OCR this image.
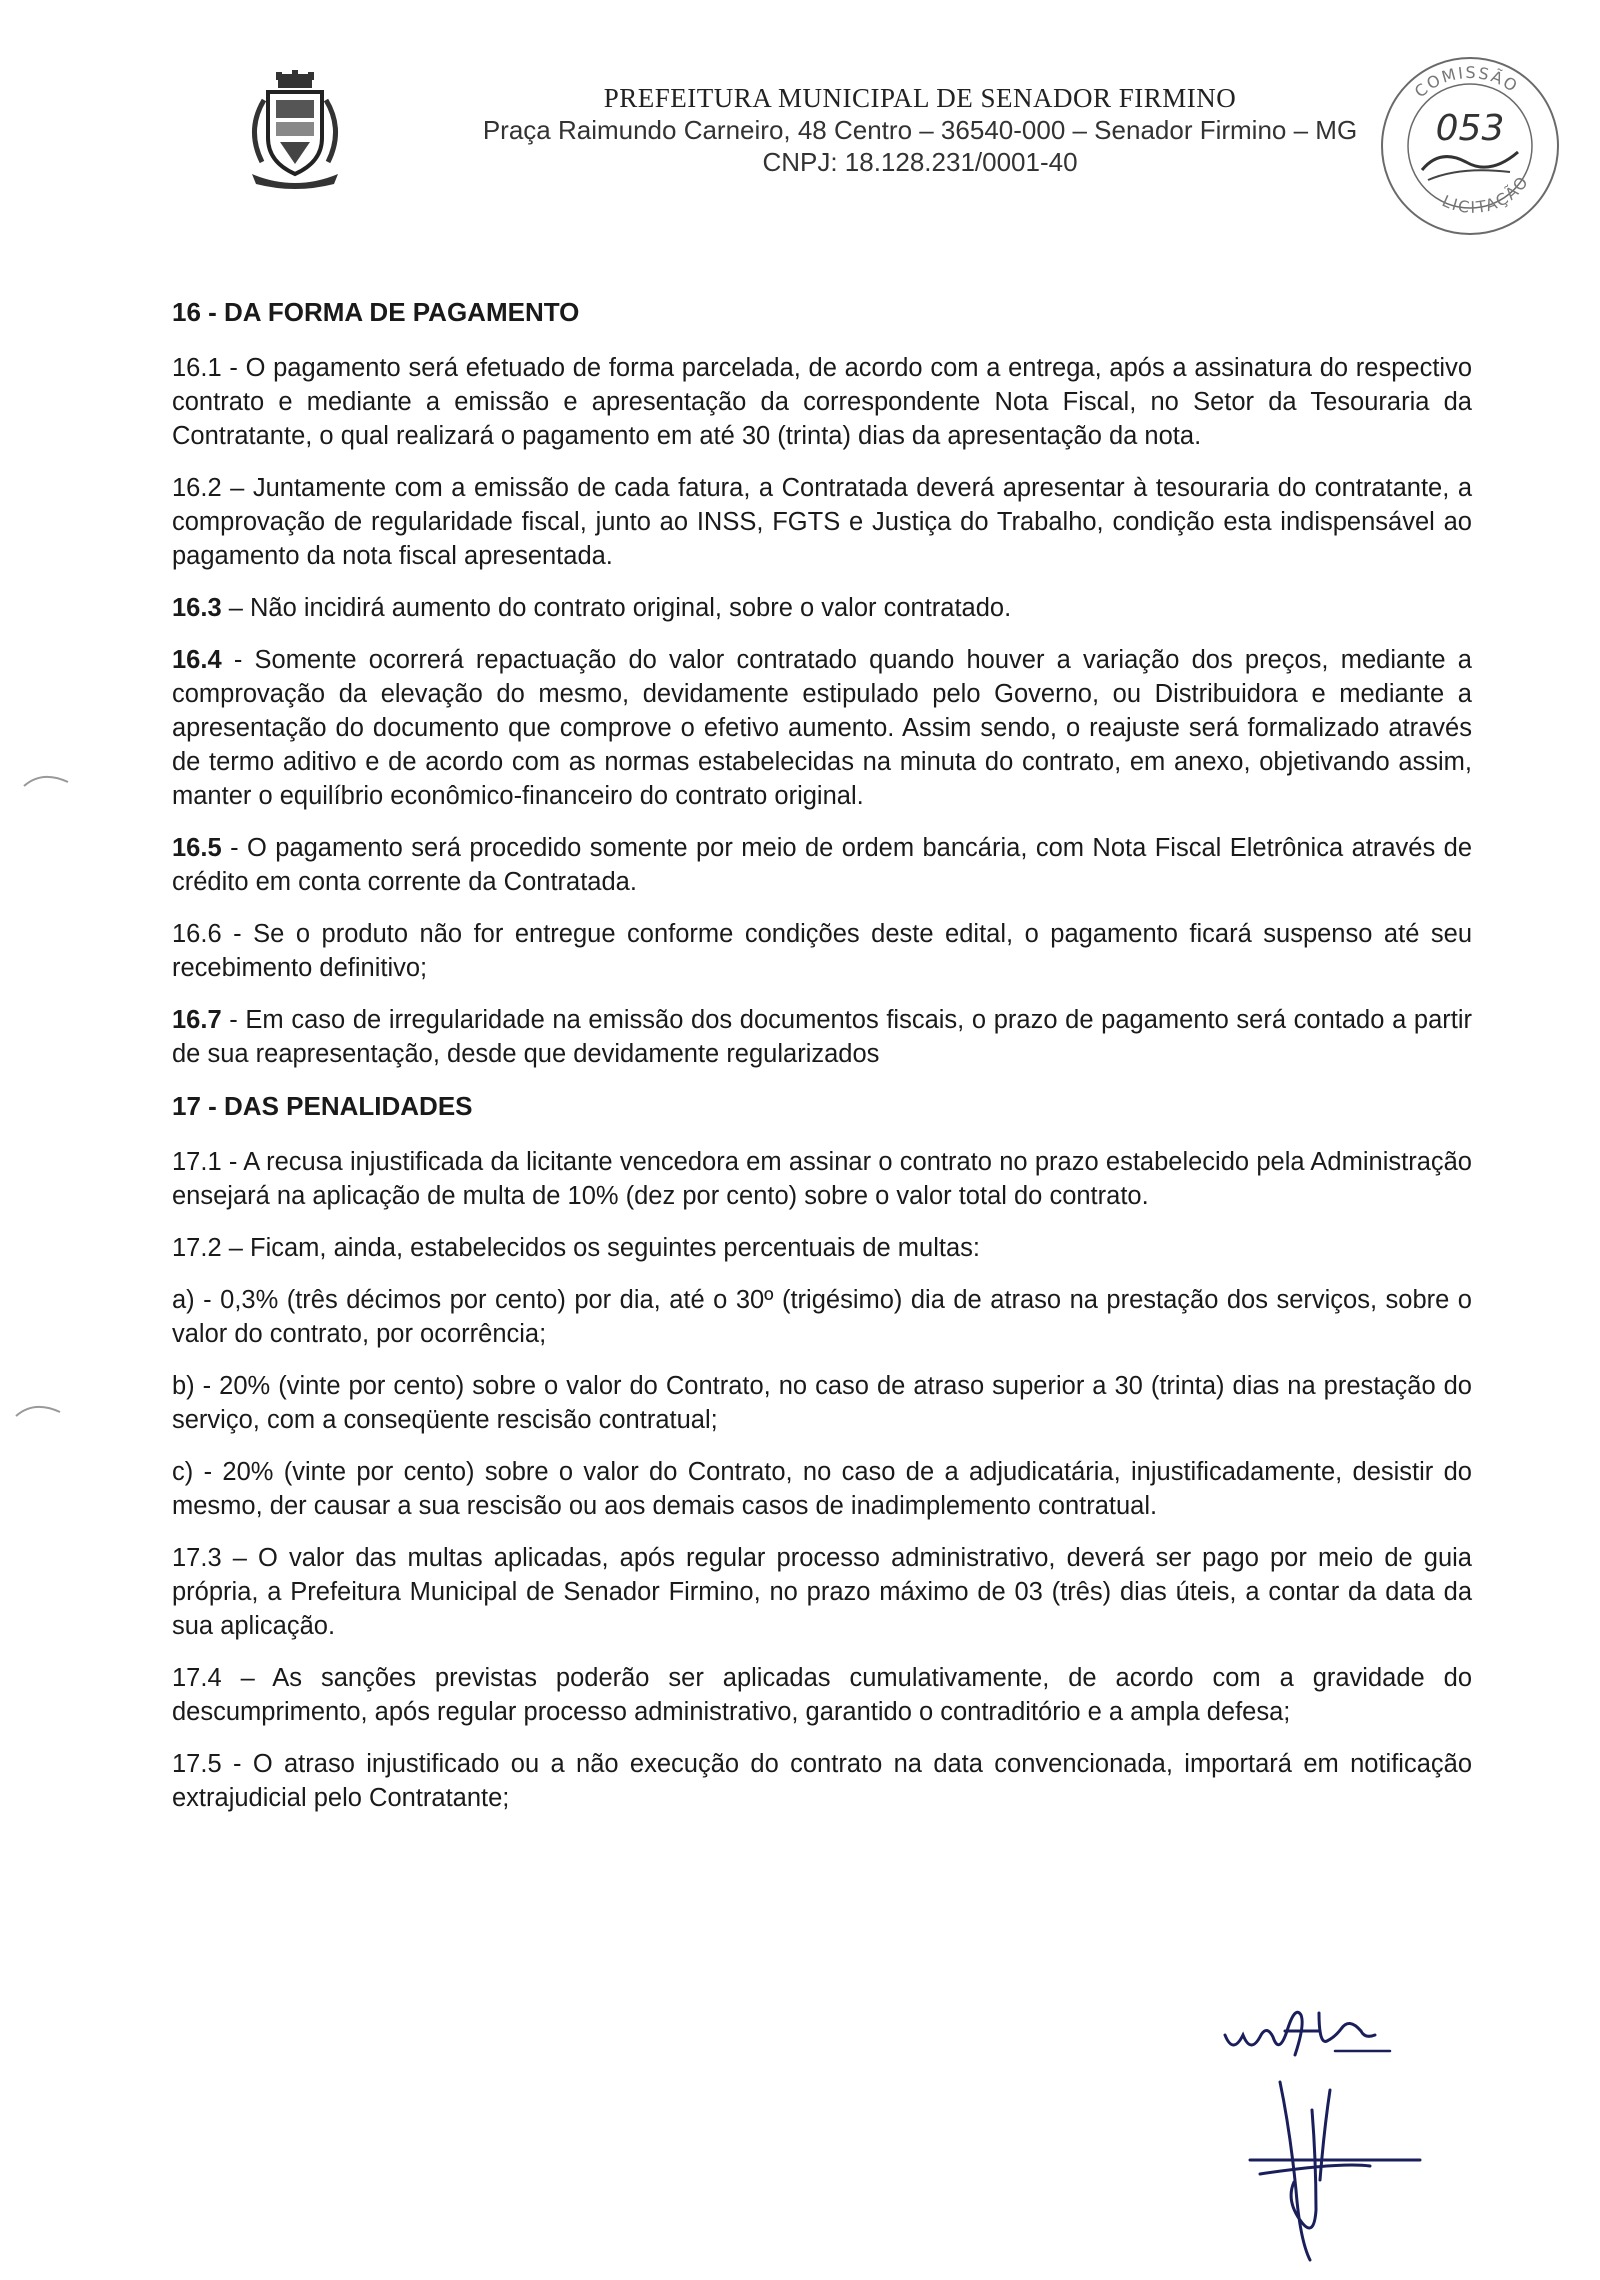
PREFEITURA MUNICIPAL DE SENADOR FIRMINO
Praça Raimundo Carneiro, 48 Centro – 36540-000 – Senador Firmino – MG
CNPJ: 18.128.231/0001-40
COMISSÃO
LICITAÇÃO
053
16 - DA FORMA DE PAGAMENTO

16.1 - O pagamento será efetuado de forma parcelada, de acordo com a entrega, após a assinatura do respectivo contrato e mediante a emissão e apresentação da correspondente Nota Fiscal, no Setor da Tesouraria da Contratante, o qual realizará o pagamento em até 30 (trinta) dias da apresentação da nota.

16.2 – Juntamente com a emissão de cada fatura, a Contratada deverá apresentar à tesouraria do contratante, a comprovação de regularidade fiscal, junto ao INSS, FGTS e Justiça do Trabalho, condição esta indispensável ao pagamento da nota fiscal apresentada.

16.3 – Não incidirá aumento do contrato original, sobre o valor contratado.

16.4 - Somente ocorrerá repactuação do valor contratado quando houver a variação dos preços, mediante a comprovação da elevação do mesmo, devidamente estipulado pelo Governo, ou Distribuidora e mediante a apresentação do documento que comprove o efetivo aumento. Assim sendo, o reajuste será formalizado através de termo aditivo e de acordo com as normas estabelecidas na minuta do contrato, em anexo, objetivando assim, manter o equilíbrio econômico-financeiro do contrato original.

16.5 - O pagamento será procedido somente por meio de ordem bancária, com Nota Fiscal Eletrônica através de crédito em conta corrente da Contratada.

16.6 - Se o produto não for entregue conforme condições deste edital, o pagamento ficará suspenso até seu recebimento definitivo;

16.7 - Em caso de irregularidade na emissão dos documentos fiscais, o prazo de pagamento será contado a partir de sua reapresentação, desde que devidamente regularizados

17 - DAS PENALIDADES

17.1 - A recusa injustificada da licitante vencedora em assinar o contrato no prazo estabelecido pela Administração ensejará na aplicação de multa de 10% (dez por cento) sobre o valor total do contrato.

17.2 – Ficam, ainda, estabelecidos os seguintes percentuais de multas:

a) - 0,3% (três décimos por cento) por dia, até o 30º (trigésimo) dia de atraso na prestação dos serviços, sobre o valor do contrato, por ocorrência;

b) - 20% (vinte por cento) sobre o valor do Contrato, no caso de atraso superior a 30 (trinta) dias na prestação do serviço, com a conseqüente rescisão contratual;

c) - 20% (vinte por cento) sobre o valor do Contrato, no caso de a adjudicatária, injustificadamente, desistir do mesmo, der causar a sua rescisão ou aos demais casos de inadimplemento contratual.

17.3 – O valor das multas aplicadas, após regular processo administrativo, deverá ser pago por meio de guia própria, a Prefeitura Municipal de Senador Firmino, no prazo máximo de 03 (três) dias úteis, a contar da data da sua aplicação.

17.4 – As sanções previstas poderão ser aplicadas cumulativamente, de acordo com a gravidade do descumprimento, após regular processo administrativo, garantido o contraditório e a ampla defesa;

17.5 - O atraso injustificado ou a não execução do contrato na data convencionada, importará em notificação extrajudicial pelo Contratante;
